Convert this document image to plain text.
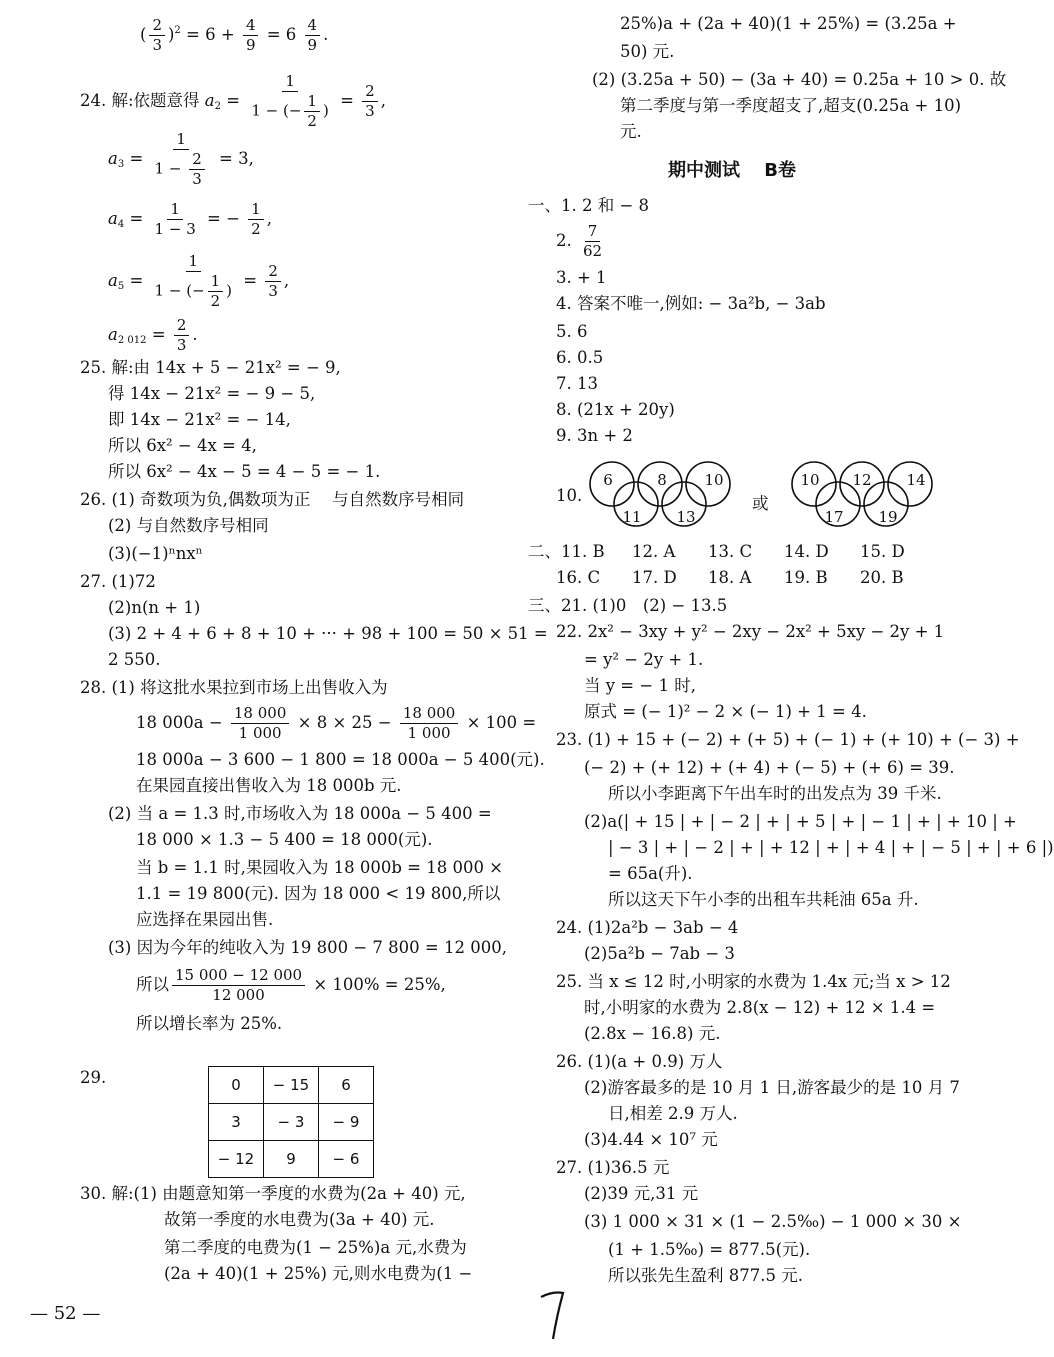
( $\frac{2}{3} )^2 = 6 + \frac{4}{9} = 6 \frac{4}{9}$ .
24. 解:依题意得 $a_2 = \frac{1}{1 - (- \frac{1}{2} )} = \frac{2}{3}$ ,
$a_3 = \frac{1}{1 - \frac{2}{3}} = 3$,
$a_4 = \frac{1}{1 - 3}$ = − $\frac{1}{2}$ ,
$a_5 = \frac{1}{1 - (- \frac{1}{2} )} = \frac{2}{3}$ ,
$a_{2 012} = \frac{2}{3}$ .
25. 解:由 14x + 5 − 21x² = − 9,
得 14x − 21x² = − 9 − 5,
即 14x − 21x² = − 14,
所以 6x² − 4x = 4,
所以 6x² − 4x − 5 = 4 − 5 = − 1.
26. (1) 奇数项为负,偶数项为正　 与自然数序号相同
(2) 与自然数序号相同
(3)(−1)ⁿnxⁿ
27. (1)72
(2)n(n + 1)
(3) 2 + 4 + 6 + 8 + 10 + ··· + 98 + 100 = 50 × 51 =
2 550.
28. (1) 将这批水果拉到市场上出售收入为
18 $000a - \frac{18 000}{1 000} \times 8 \times 25 - \frac{18 000}{1 000} \times 100$ =
18 000a − 3 600 − 1 800 = 18 000a − 5 400(元).
在果园直接出售收入为 18 000b 元.
(2) 当 a = 1.3 时,市场收入为 18 000a − 5 400 =
18 000 × 1.3 − 5 400 = 18 000(元).
当 b = 1.1 时,果园收入为 18 000b = 18 000 ×
1.1 = 19 800(元). 因为 18 000 < 19 800,所以
应选择在果园出售.
(3) 因为今年的纯收入为 19 800 − 7 800 = 12 000,
所以 $\frac{15 000 - 12 000}{12 000} \times 100\% = 25\%$,
所以增长率为 25%.
29.	0	− 15	6
3	− 3	− 9
− 12	9	− 6
30. 解:(1) 由题意知第一季度的水费为(2a + 40) 元,
故第一季度的水电费为(3a + 40) 元.
第二季度的电费为(1 − 25%)a 元,水费为
(2a + 40)(1 + 25%) 元,则水电费为(1 −
— 52 —
25%)a + (2a + 40)(1 + 25%) = (3.25a +
50) 元.
(2) (3.25a + 50) − (3a + 40) = 0.25a + 10 > 0. 故
第二季度与第一季度超支了,超支(0.25a + 10)
元.
期中测试　 B卷
一、1. 2 和 − 8
2. $\frac{7}{62}$
3. + 1
4. 答案不唯一,例如: − 3a²b, − 3ab
5. 6
6. 0.5
7. 13
8. (21x + 20y)
9. 3n + 2
10.
6	8	10
11 13
或
10 12 14
17 19
二、11. B 12. A 13. C 14. D 15. D
16. C 17. D 18. A 19. B 20. B
三、21. (1)0　(2) − 13.5
22. 2x² − 3xy + y² − 2xy − 2x² + 5xy − 2y + 1
= y² − 2y + 1.
当 y = − 1 时,
原式 = (− 1)² − 2 × (− 1) + 1 = 4.
23. (1) + 15 + (− 2) + (+ 5) + (− 1) + (+ 10) + (− 3) +
(− 2) + (+ 12) + (+ 4) + (− 5) + (+ 6) = 39.
所以小李距离下午出车时的出发点为 39 千米.
(2)a(| + 15 | + | − 2 | + | + 5 | + | − 1 | + | + 10 | +
| − 3 | + | − 2 | + | + 12 | + | + 4 | + | − 5 | + | + 6 |)
= 65a(升).
所以这天下午小李的出租车共耗油 65a 升.
24. (1)2a²b − 3ab − 4
(2)5a²b − 7ab − 3
25. 当 x ≤ 12 时,小明家的水费为 1.4x 元;当 x > 12
时,小明家的水费为 2.8(x − 12) + 12 × 1.4 =
(2.8x − 16.8) 元.
26. (1)(a + 0.9) 万人
(2)游客最多的是 10 月 1 日,游客最少的是 10 月 7
日,相差 2.9 万人.
(3)4.44 × 10⁷ 元
27. (1)36.5 元
(2)39 元,31 元
(3) 1 000 × 31 × (1 − 2.5‰) − 1 000 × 30 ×
(1 + 1.5‰) = 877.5(元).
所以张先生盈利 877.5 元.
